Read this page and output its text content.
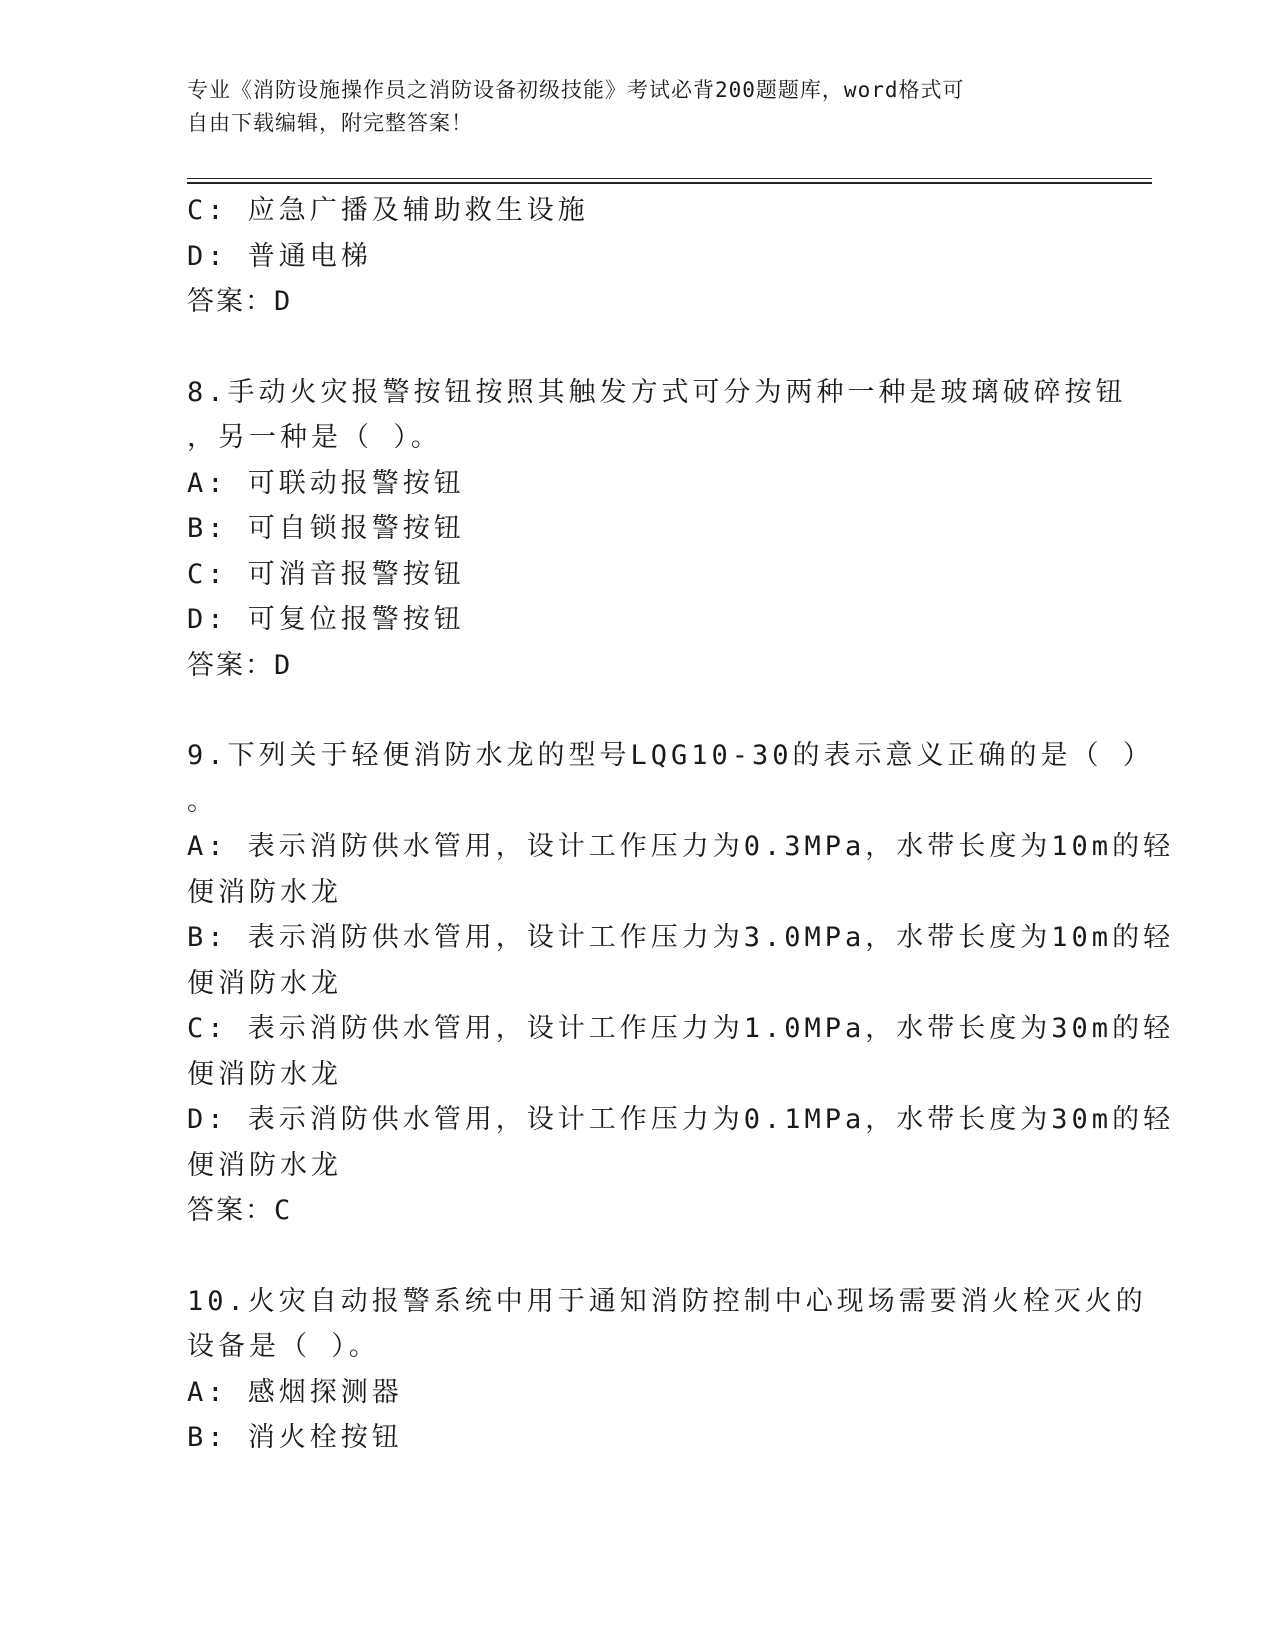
专业《消防设施操作员之消防设备初级技能》考试必背200题题库，word格式可
自由下载编辑，附完整答案！
C: 应急广播及辅助救生设施
D: 普通电梯
答案：D
8.手动火灾报警按钮按照其触发方式可分为两种一种是玻璃破碎按钮
，另一种是（ ）。
A: 可联动报警按钮
B: 可自锁报警按钮
C: 可消音报警按钮
D: 可复位报警按钮
答案：D
9.下列关于轻便消防水龙的型号LQG10-30的表示意义正确的是（ ）
。
A: 表示消防供水管用，设计工作压力为0.3MPa，水带长度为10m的轻
便消防水龙
B: 表示消防供水管用，设计工作压力为3.0MPa，水带长度为10m的轻
便消防水龙
C: 表示消防供水管用，设计工作压力为1.0MPa，水带长度为30m的轻
便消防水龙
D: 表示消防供水管用，设计工作压力为0.1MPa，水带长度为30m的轻
便消防水龙
答案：C
10.火灾自动报警系统中用于通知消防控制中心现场需要消火栓灭火的
设备是（ ）。
A: 感烟探测器
B: 消火栓按钮
